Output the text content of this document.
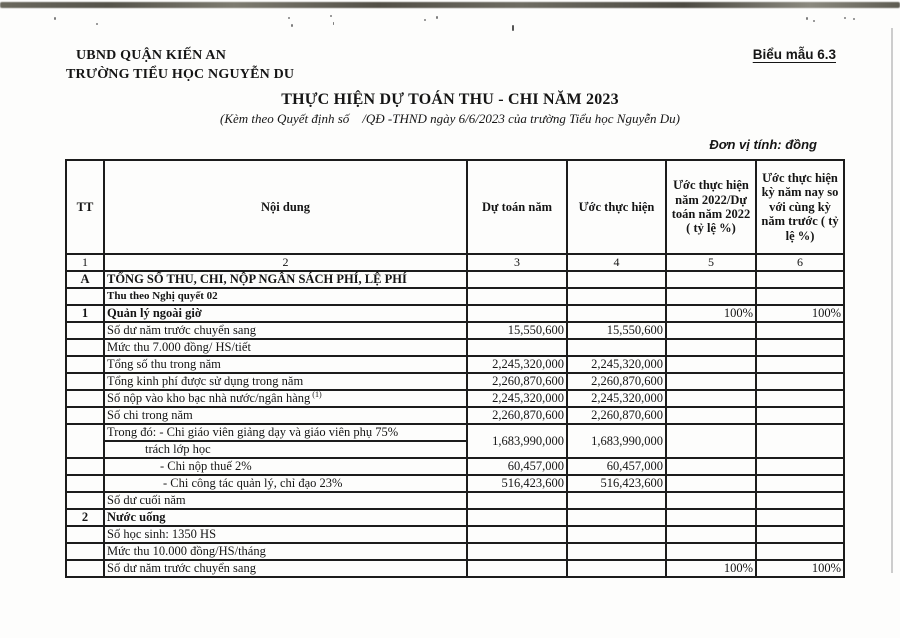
UBND QUẬN KIẾN AN
TRƯỜNG TIỂU HỌC NGUYỄN DU
Biểu mẫu 6.3
THỰC HIỆN DỰ TOÁN THU - CHI NĂM 2023
(Kèm theo Quyết định số    /QĐ -THND ngày 6/6/2023 của trường Tiểu học Nguyễn Du)
Đơn vị tính: đồng
TT	Nội dung	Dự toán năm	Ước thực hiện	Ước thực hiện năm 2022/Dự toán năm 2022 ( tỷ lệ %)	Ước thực hiện kỳ năm nay so với cùng kỳ năm trước ( tỷ lệ %)
1	2	3	4	5	6
A	TỔNG SỐ THU, CHI, NỘP NGÂN SÁCH PHÍ, LỆ PHÍ				
	Thu theo Nghị quyết 02				
1	Quản lý ngoài giờ			100%	100%
	Số dư năm trước chuyển sang	15,550,600	15,550,600		
	Mức thu 7.000 đồng/ HS/tiết				
	Tổng số thu trong năm	2,245,320,000	2,245,320,000		
	Tổng kinh phí được sử dụng trong năm	2,260,870,600	2,260,870,600		
	Số nộp vào kho bạc nhà nước/ngân hàng $^{(1)}$	2,245,320,000	2,245,320,000		
	Số chi trong năm	2,260,870,600	2,260,870,600		
	Trong đó: - Chi giáo viên giảng dạy và giáo viên phụ 75%	1,683,990,000	1,683,990,000		
	trách lớp học				
	- Chi nộp thuế 2%	60,457,000	60,457,000		
	- Chi công tác quản lý, chỉ đạo 23%	516,423,600	516,423,600		
	Số dư cuối năm				
2	Nước uống				
	Số học sinh: 1350 HS				
	Mức thu 10.000 đồng/HS/tháng				
	Số dư năm trước chuyển sang			100%	100%
